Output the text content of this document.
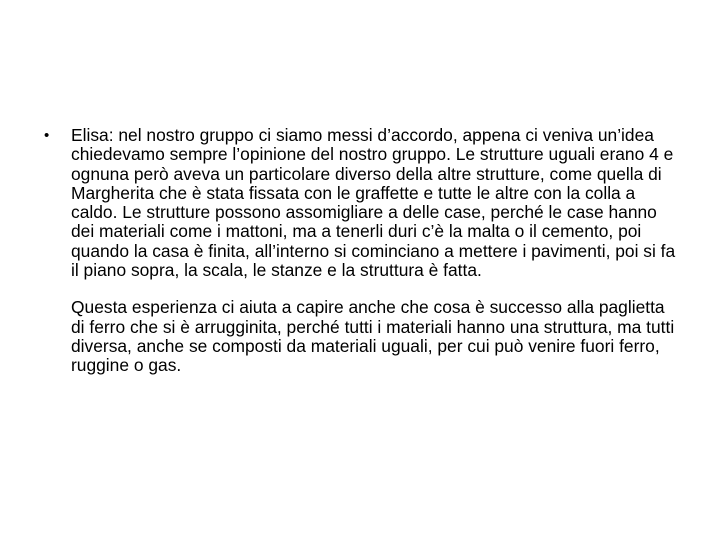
• Elisa: nel nostro gruppo ci siamo messi d’accordo, appena ci veniva un’idea chiedevamo sempre l’opinione del nostro gruppo. Le strutture uguali erano 4 e ognuna però aveva un particolare diverso della altre strutture, come quella di Margherita che è stata fissata con le graffette e tutte le altre con la colla a caldo. Le strutture possono assomigliare a delle case, perché le case hanno dei materiali come i mattoni, ma a tenerli duri c’è la malta o il cemento, poi quando la casa è finita, all’interno si cominciano a mettere i pavimenti, poi si fa il piano sopra, la scala, le stanze e la struttura è fatta.

Questa esperienza ci aiuta a capire anche che cosa è successo alla paglietta di ferro che si è arrugginita, perché tutti i materiali hanno una struttura, ma tutti diversa, anche se composti da materiali uguali, per cui può venire fuori ferro, ruggine o gas.
